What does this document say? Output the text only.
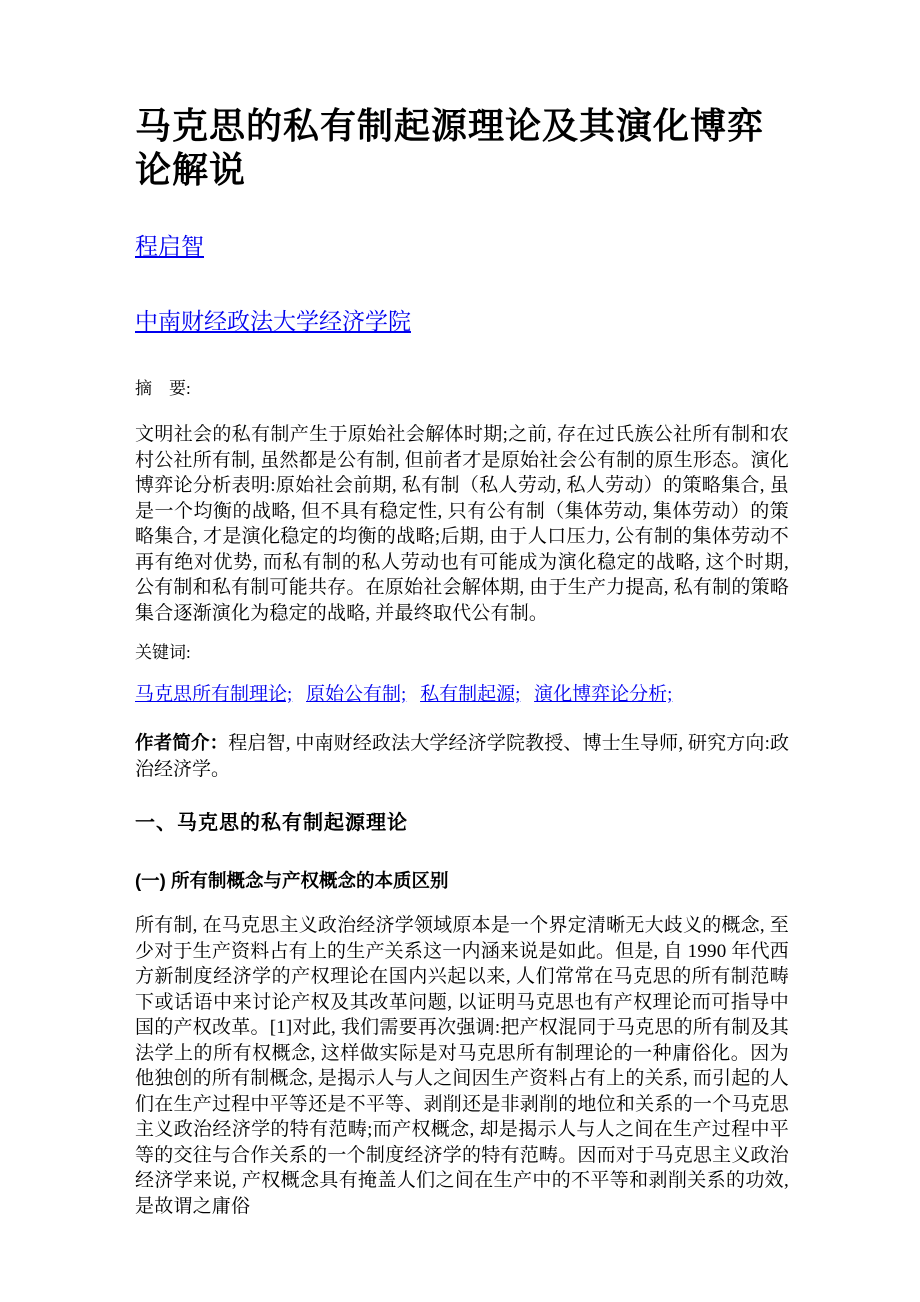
马克思的私有制起源理论及其演化博弈论解说

程启智

中南财经政法大学经济学院

摘　要:

文明社会的私有制产生于原始社会解体时期;之前, 存在过氏族公社所有制和农村公社所有制, 虽然都是公有制, 但前者才是原始社会公有制的原生形态。演化博弈论分析表明:原始社会前期, 私有制（私人劳动, 私人劳动）的策略集合, 虽是一个均衡的战略, 但不具有稳定性, 只有公有制（集体劳动, 集体劳动）的策略集合, 才是演化稳定的均衡的战略;后期, 由于人口压力, 公有制的集体劳动不再有绝对优势, 而私有制的私人劳动也有可能成为演化稳定的战略, 这个时期, 公有制和私有制可能共存。在原始社会解体期, 由于生产力提高, 私有制的策略集合逐渐演化为稳定的战略, 并最终取代公有制。

关键词:

马克思所有制理论; 原始公有制; 私有制起源; 演化博弈论分析;

作者简介：程启智, 中南财经政法大学经济学院教授、博士生导师, 研究方向:政治经济学。

一、马克思的私有制起源理论
(一) 所有制概念与产权概念的本质区别

所有制, 在马克思主义政治经济学领域原本是一个界定清晰无大歧义的概念, 至少对于生产资料占有上的生产关系这一内涵来说是如此。但是, 自 1990 年代西方新制度经济学的产权理论在国内兴起以来, 人们常常在马克思的所有制范畴下或话语中来讨论产权及其改革问题, 以证明马克思也有产权理论而可指导中国的产权改革。[1]对此, 我们需要再次强调:把产权混同于马克思的所有制及其法学上的所有权概念, 这样做实际是对马克思所有制理论的一种庸俗化。因为他独创的所有制概念, 是揭示人与人之间因生产资料占有上的关系, 而引起的人们在生产过程中平等还是不平等、剥削还是非剥削的地位和关系的一个马克思主义政治经济学的特有范畴;而产权概念, 却是揭示人与人之间在生产过程中平等的交往与合作关系的一个制度经济学的特有范畴。因而对于马克思主义政治经济学来说, 产权概念具有掩盖人们之间在生产中的不平等和剥削关系的功效, 是故谓之庸俗
